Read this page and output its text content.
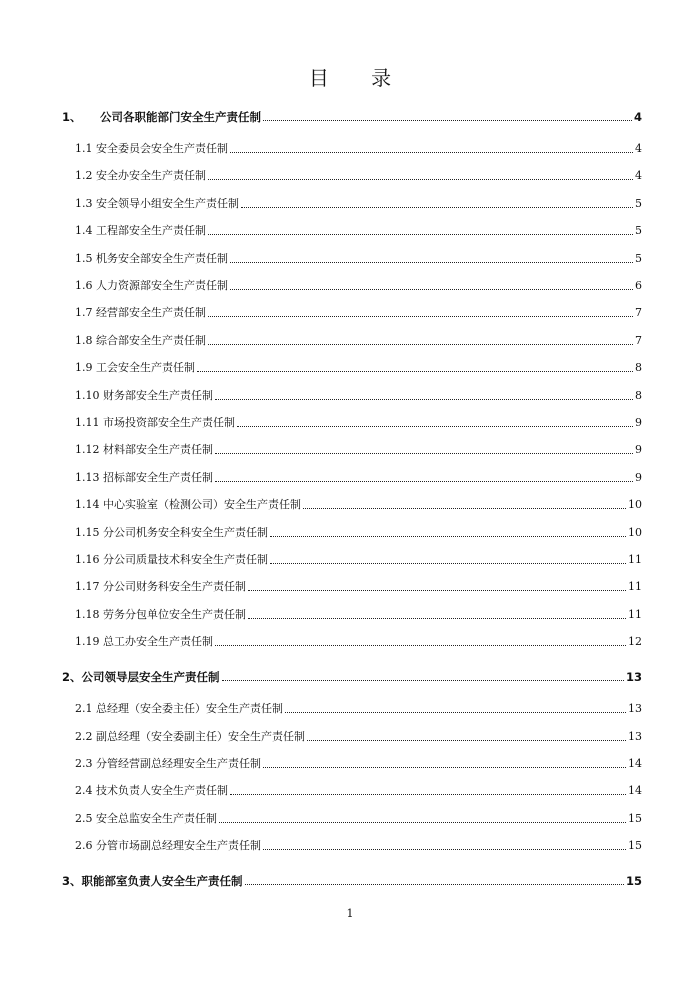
目 录
1、 公司各职能部门安全生产责任制	4
1.1 安全委员会安全生产责任制	4
1.2 安全办安全生产责任制	4
1.3 安全领导小组安全生产责任制	5
1.4 工程部安全生产责任制	5
1.5 机务安全部安全生产责任制	5
1.6 人力资源部安全生产责任制	6
1.7 经营部安全生产责任制	7
1.8 综合部安全生产责任制	7
1.9 工会安全生产责任制	8
1.10 财务部安全生产责任制	8
1.11 市场投资部安全生产责任制	9
1.12 材料部安全生产责任制	9
1.13 招标部安全生产责任制	9
1.14 中心实验室（检测公司）安全生产责任制	10
1.15 分公司机务安全科安全生产责任制	10
1.16 分公司质量技术科安全生产责任制	11
1.17 分公司财务科安全生产责任制	11
1.18 劳务分包单位安全生产责任制	11
1.19 总工办安全生产责任制	12
2、公司领导层安全生产责任制	13
2.1 总经理（安全委主任）安全生产责任制	13
2.2 副总经理（安全委副主任）安全生产责任制	13
2.3 分管经营副总经理安全生产责任制	14
2.4 技术负责人安全生产责任制	14
2.5 安全总监安全生产责任制	15
2.6 分管市场副总经理安全生产责任制	15
3、职能部室负责人安全生产责任制	15
1
